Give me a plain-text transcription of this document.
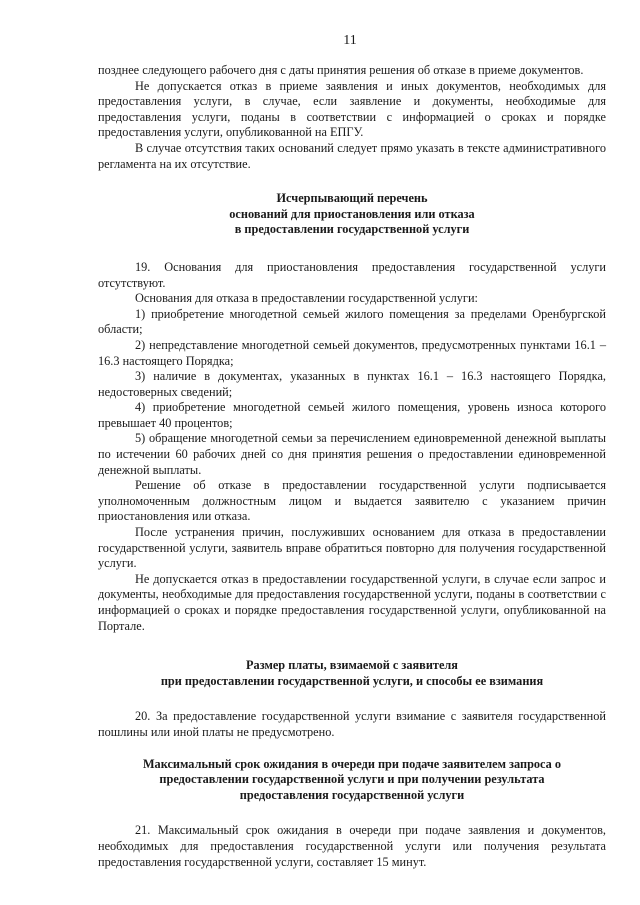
11

позднее следующего рабочего дня с даты принятия решения об отказе в приеме документов.

Не допускается отказ в приеме заявления и иных документов, необходимых для предоставления услуги, в случае, если заявление и документы, необходимые для предоставления услуги, поданы в соответствии с информацией о сроках и порядке предоставления услуги, опубликованной на ЕПГУ.

В случае отсутствия таких оснований следует прямо указать в тексте административного регламента на их отсутствие.

Исчерпывающий перечень

оснований для приостановления или отказа

в предоставлении государственной услуги

19. Основания для приостановления предоставления государственной услуги отсутствуют.

Основания для отказа в предоставлении государственной услуги:

1) приобретение многодетной семьей жилого помещения за пределами Оренбургской области;

2) непредставление многодетной семьей документов, предусмотренных пунктами 16.1 – 16.3 настоящего Порядка;

3) наличие в документах, указанных в пунктах 16.1 – 16.3 настоящего Порядка, недостоверных сведений;

4) приобретение многодетной семьей жилого помещения, уровень износа которого превышает 40 процентов;

5) обращение многодетной семьи за перечислением единовременной денежной выплаты по истечении 60 рабочих дней со дня принятия решения о предоставлении единовременной денежной выплаты.

Решение об отказе в предоставлении государственной услуги подписывается уполномоченным должностным лицом и выдается заявителю с указанием причин приостановления или отказа.

После устранения причин, послуживших основанием для отказа в предоставлении государственной услуги, заявитель вправе обратиться повторно для получения государственной услуги.

Не допускается отказ в предоставлении государственной услуги, в случае если запрос и документы, необходимые для предоставления государственной услуги, поданы в соответствии с информацией о сроках и порядке предоставления государственной услуги, опубликованной на Портале.

Размер платы, взимаемой с заявителя

при предоставлении государственной услуги, и способы ее взимания

20. За предоставление государственной услуги взимание с заявителя государственной пошлины или иной платы не предусмотрено.

Максимальный срок ожидания в очереди при подаче заявителем запроса о

предоставлении государственной услуги и при получении результата

предоставления государственной услуги

21. Максимальный срок ожидания в очереди при подаче заявления и документов, необходимых для предоставления государственной услуги или получения результата предоставления государственной услуги, составляет 15 минут.
